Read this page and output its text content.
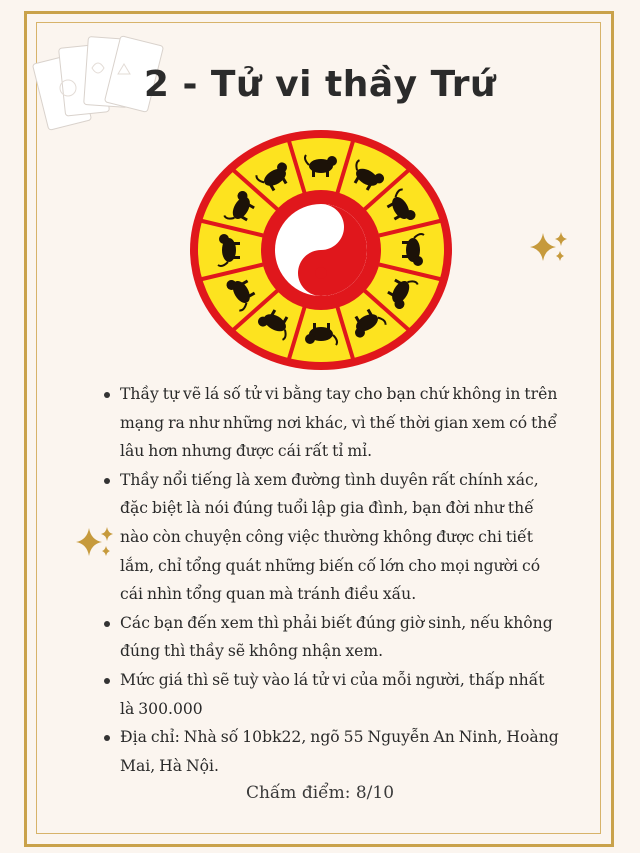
2 - Tử vi thầy Trứ
Thầy tự vẽ lá số tử vi bằng tay cho bạn chứ không in trên mạng ra như những nơi khác, vì thế thời gian xem có thể lâu hơn nhưng được cái rất tỉ mỉ.
Thầy nổi tiếng là xem đường tình duyên rất chính xác, đặc biệt là nói đúng tuổi lập gia đình, bạn đời như thế nào còn chuyện công việc thường không được chi tiết lắm, chỉ tổng quát những biến cố lớn cho mọi người có cái nhìn tổng quan mà tránh điều xấu.
Các bạn đến xem thì phải biết đúng giờ sinh, nếu không đúng thì thầy sẽ không nhận xem.
Mức giá thì sẽ tuỳ vào lá tử vi của mỗi người, thấp nhất là 300.000
Địa chỉ: Nhà số 10bk22, ngõ 55 Nguyễn An Ninh, Hoàng Mai, Hà Nội.
Chấm điểm: 8/10
